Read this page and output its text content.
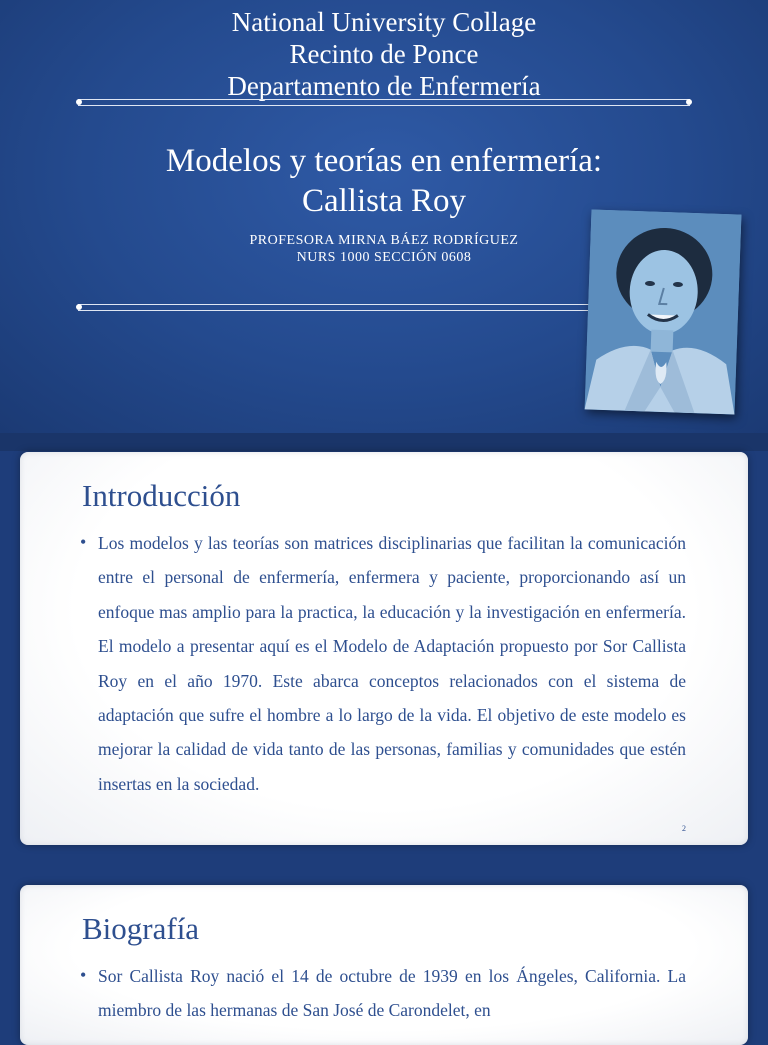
National University Collage
Recinto de Ponce
Departamento de Enfermería
Modelos y teorías en enfermería:
Callista Roy
PROFESORA MIRNA BÁEZ RODRÍGUEZ
NURS 1000 SECCIÓN 0608
Introducción
• Los modelos y las teorías son matrices disciplinarias que facilitan la comunicación entre el personal de enfermería, enfermera y paciente, proporcionando así un enfoque mas amplio para la practica, la educación y la investigación en enfermería. El modelo a presentar aquí es el Modelo de Adaptación propuesto por Sor Callista Roy en el año 1970. Este abarca conceptos relacionados con el sistema de adaptación que sufre el hombre a lo largo de la vida. El objetivo de este modelo es mejorar la calidad de vida tanto de las personas, familias y comunidades que estén insertas en la sociedad.

2
Biografía
• Sor Callista Roy nació el 14 de octubre de 1939 en los Ángeles, California. La miembro de las hermanas de San José de Carondelet, en
